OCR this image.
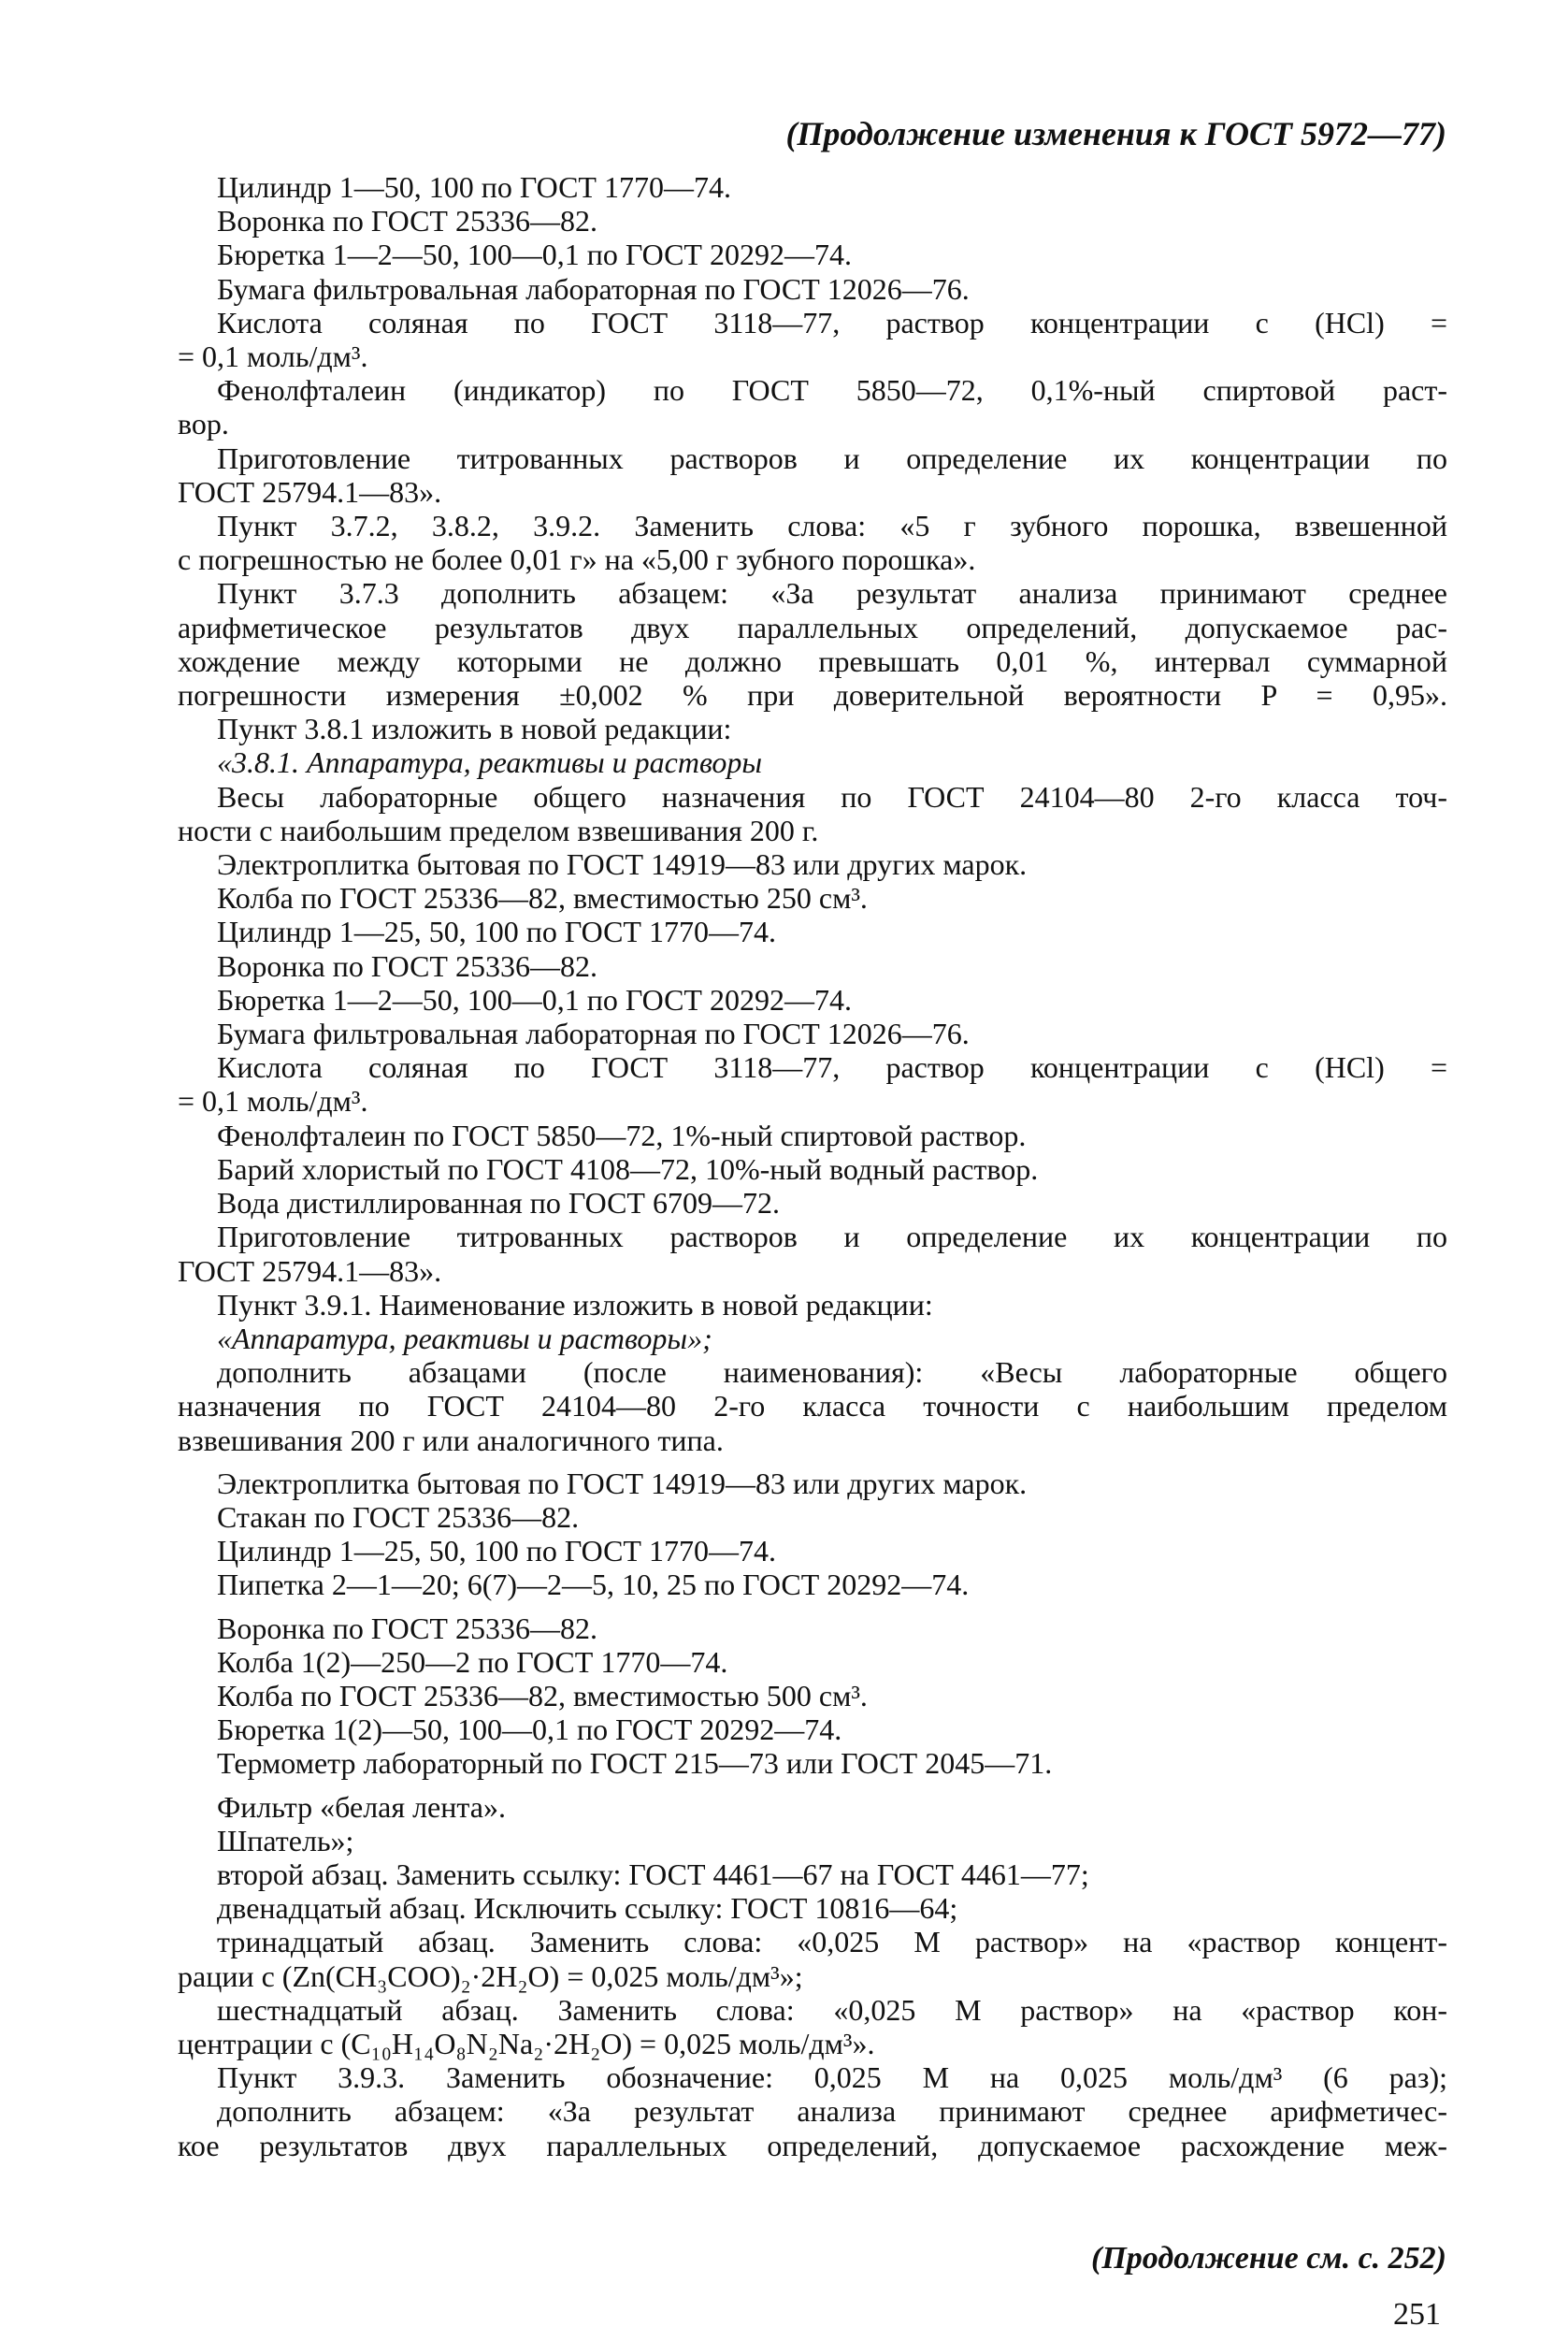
(Продолжение изменения к ГОСТ 5972—77)
Цилиндр 1—50, 100 по ГОСТ 1770—74.
Воронка по ГОСТ 25336—82.
Бюретка 1—2—50, 100—0,1 по ГОСТ 20292—74.
Бумага фильтровальная лабораторная по ГОСТ 12026—76.
Кислота соляная по ГОСТ 3118—77, раствор концентрации c (HCl) =
= 0,1 моль/дм³.
Фенолфталеин (индикатор) по ГОСТ 5850—72, 0,1%-ный спиртовой раст-
вор.
Приготовление титрованных растворов и определение их концентрации по
ГОСТ 25794.1—83».
Пункт 3.7.2, 3.8.2, 3.9.2. Заменить слова: «5 г зубного порошка, взвешенной
с погрешностью не более 0,01 г» на «5,00 г зубного порошка».
Пункт 3.7.3 дополнить абзацем: «За результат анализа принимают среднее
арифметическое результатов двух параллельных определений, допускаемое рас-
хождение между которыми не должно превышать 0,01 %, интервал суммарной
погрешности измерения ±0,002 % при доверительной вероятности P = 0,95».
Пункт 3.8.1 изложить в новой редакции:
«3.8.1. Аппаратура, реактивы и растворы
Весы лабораторные общего назначения по ГОСТ 24104—80 2-го класса точ-
ности с наибольшим пределом взвешивания 200 г.
Электроплитка бытовая по ГОСТ 14919—83 или других марок.
Колба по ГОСТ 25336—82, вместимостью 250 см³.
Цилиндр 1—25, 50, 100 по ГОСТ 1770—74.
Воронка по ГОСТ 25336—82.
Бюретка 1—2—50, 100—0,1 по ГОСТ 20292—74.
Бумага фильтровальная лабораторная по ГОСТ 12026—76.
Кислота соляная по ГОСТ 3118—77, раствор концентрации c (HCl) =
= 0,1 моль/дм³.
Фенолфталеин по ГОСТ 5850—72, 1%-ный спиртовой раствор.
Барий хлористый по ГОСТ 4108—72, 10%-ный водный раствор.
Вода дистиллированная по ГОСТ 6709—72.
Приготовление титрованных растворов и определение их концентрации по
ГОСТ 25794.1—83».
Пункт 3.9.1. Наименование изложить в новой редакции:
«Аппаратура, реактивы и растворы»;
дополнить абзацами (после наименования): «Весы лабораторные общего
назначения по ГОСТ 24104—80 2-го класса точности с наибольшим пределом
взвешивания 200 г или аналогичного типа.
Электроплитка бытовая по ГОСТ 14919—83 или других марок.
Стакан по ГОСТ 25336—82.
Цилиндр 1—25, 50, 100 по ГОСТ 1770—74.
Пипетка 2—1—20; 6(7)—2—5, 10, 25 по ГОСТ 20292—74.
Воронка по ГОСТ 25336—82.
Колба 1(2)—250—2 по ГОСТ 1770—74.
Колба по ГОСТ 25336—82, вместимостью 500 см³.
Бюретка 1(2)—50, 100—0,1 по ГОСТ 20292—74.
Термометр лабораторный по ГОСТ 215—73 или ГОСТ 2045—71.
Фильтр «белая лента».
Шпатель»;
второй абзац. Заменить ссылку: ГОСТ 4461—67 на ГОСТ 4461—77;
двенадцатый абзац. Исключить ссылку: ГОСТ 10816—64;
тринадцатый абзац. Заменить слова: «0,025 М раствор» на «раствор концент-
рации c (Zn(CH₃COO)₂·2H₂O) = 0,025 моль/дм³»;
шестнадцатый абзац. Заменить слова: «0,025 М раствор» на «раствор кон-
центрации c (C₁₀H₁₄O₈N₂Na₂·2H₂O) = 0,025 моль/дм³».
Пункт 3.9.3. Заменить обозначение: 0,025 М на 0,025 моль/дм³ (6 раз);
дополнить абзацем: «За результат анализа принимают среднее арифметичес-
кое результатов двух параллельных определений, допускаемое расхождение меж-
(Продолжение см. с. 252)
251
